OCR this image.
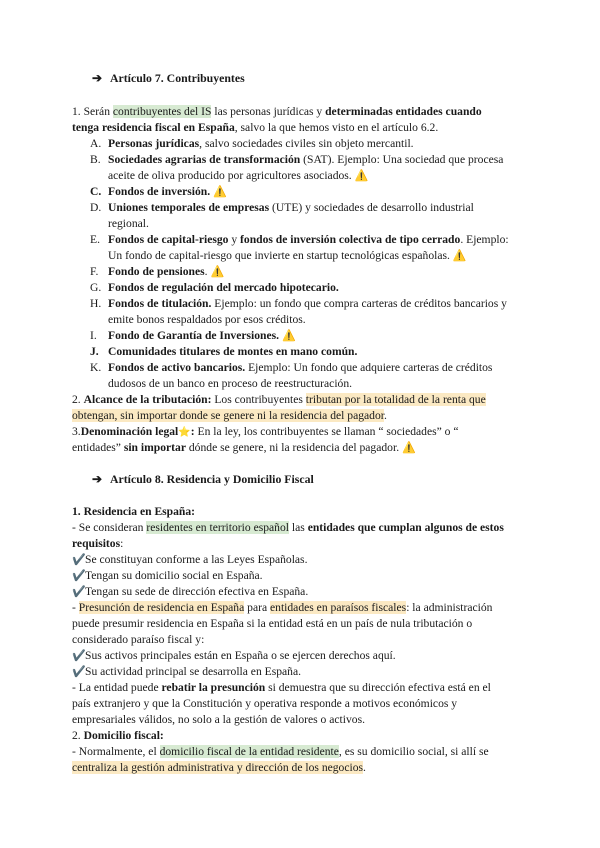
➔ Artículo 7. Contribuyentes
1. Serán contribuyentes del IS las personas jurídicas y determinadas entidades cuando
tenga residencia fiscal en España, salvo la que hemos visto en el artículo 6.2.
A. Personas jurídicas, salvo sociedades civiles sin objeto mercantil.
B. Sociedades agrarias de transformación (SAT). Ejemplo: Una sociedad que procesa
aceite de oliva producido por agricultores asociados. ⚠️
C. Fondos de inversión. ⚠️
D. Uniones temporales de empresas (UTE) y sociedades de desarrollo industrial
regional.
E. Fondos de capital-riesgo y fondos de inversión colectiva de tipo cerrado. Ejemplo:
Un fondo de capital-riesgo que invierte en startup tecnológicas españolas. ⚠️
F. Fondo de pensiones. ⚠️
G. Fondos de regulación del mercado hipotecario.
H. Fondos de titulación. Ejemplo: un fondo que compra carteras de créditos bancarios y
emite bonos respaldados por esos créditos.
I. Fondo de Garantía de Inversiones. ⚠️
J. Comunidades titulares de montes en mano común.
K. Fondos de activo bancarios. Ejemplo: Un fondo que adquiere carteras de créditos
dudosos de un banco en proceso de reestructuración.
2. Alcance de la tributación: Los contribuyentes tributan por la totalidad de la renta que
obtengan, sin importar donde se genere ni la residencia del pagador.
3.Denominación legal⭐: En la ley, los contribuyentes se llaman “ sociedades” o “
entidades” sin importar dónde se genere, ni la residencia del pagador. ⚠️
➔ Artículo 8. Residencia y Domicilio Fiscal
1. Residencia en España:
- Se consideran residentes en territorio español las entidades que cumplan algunos de estos
requisitos:
✔️Se constituyan conforme a las Leyes Españolas.
✔️Tengan su domicilio social en España.
✔️Tengan su sede de dirección efectiva en España.
- Presunción de residencia en España para entidades en paraísos fiscales: la administración
puede presumir residencia en España si la entidad está en un país de nula tributación o
considerado paraíso fiscal y:
✔️Sus activos principales están en España o se ejercen derechos aquí.
✔️Su actividad principal se desarrolla en España.
- La entidad puede rebatir la presunción si demuestra que su dirección efectiva está en el
país extranjero y que la Constitución y operativa responde a motivos económicos y
empresariales válidos, no solo a la gestión de valores o activos.
2. Domicilio fiscal:
- Normalmente, el domicilio fiscal de la entidad residente, es su domicilio social, si allí se
centraliza la gestión administrativa y dirección de los negocios.
